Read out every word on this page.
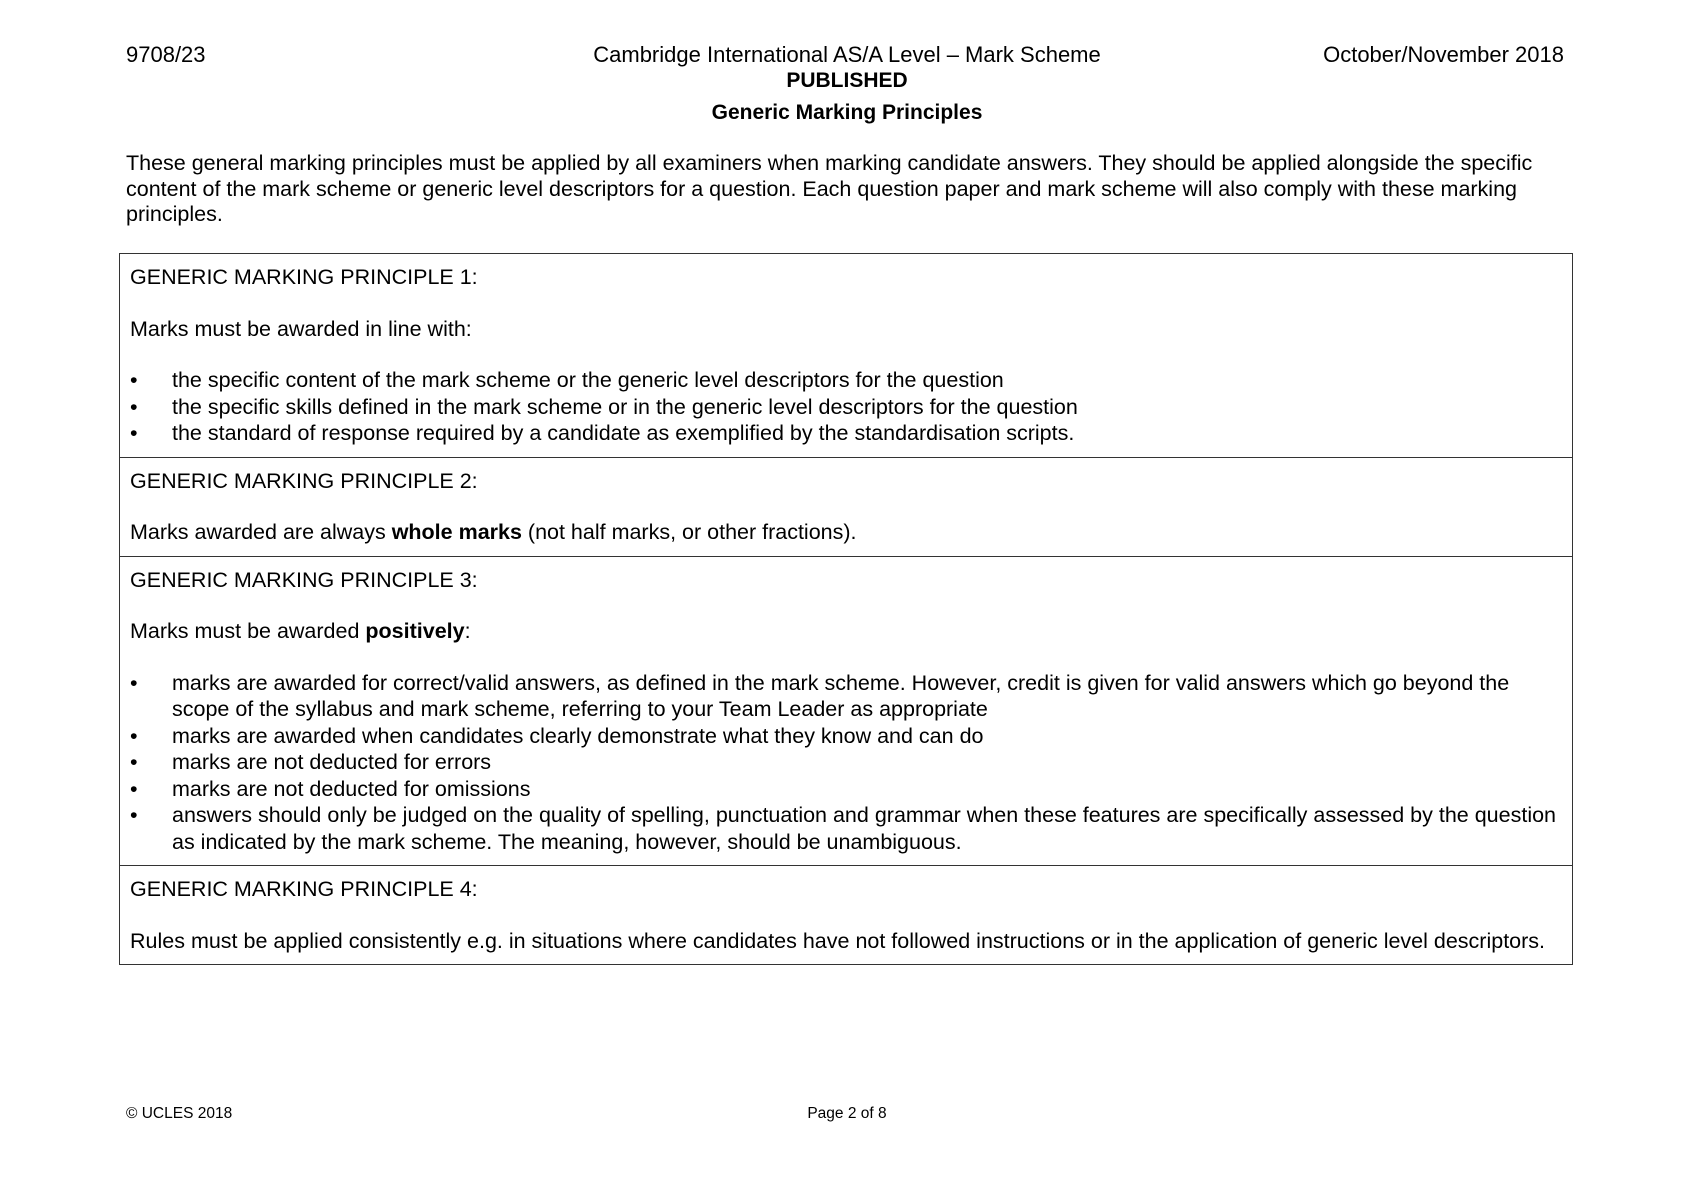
9708/23	Cambridge International AS/A Level – Mark Scheme	October/November 2018
PUBLISHED
Generic Marking Principles
These general marking principles must be applied by all examiners when marking candidate answers. They should be applied alongside the specific content of the mark scheme or generic level descriptors for a question. Each question paper and mark scheme will also comply with these marking principles.

GENERIC MARKING PRINCIPLE 1:

Marks must be awarded in line with:

• the specific content of the mark scheme or the generic level descriptors for the question
• the specific skills defined in the mark scheme or in the generic level descriptors for the question
• the standard of response required by a candidate as exemplified by the standardisation scripts.

GENERIC MARKING PRINCIPLE 2:

Marks awarded are always whole marks (not half marks, or other fractions).

GENERIC MARKING PRINCIPLE 3:

Marks must be awarded positively:

• marks are awarded for correct/valid answers, as defined in the mark scheme. However, credit is given for valid answers which go beyond the scope of the syllabus and mark scheme, referring to your Team Leader as appropriate
• marks are awarded when candidates clearly demonstrate what they know and can do
• marks are not deducted for errors
• marks are not deducted for omissions
• answers should only be judged on the quality of spelling, punctuation and grammar when these features are specifically assessed by the question as indicated by the mark scheme. The meaning, however, should be unambiguous.

GENERIC MARKING PRINCIPLE 4:

Rules must be applied consistently e.g. in situations where candidates have not followed instructions or in the application of generic level descriptors.

© UCLES 2018	Page 2 of 8
